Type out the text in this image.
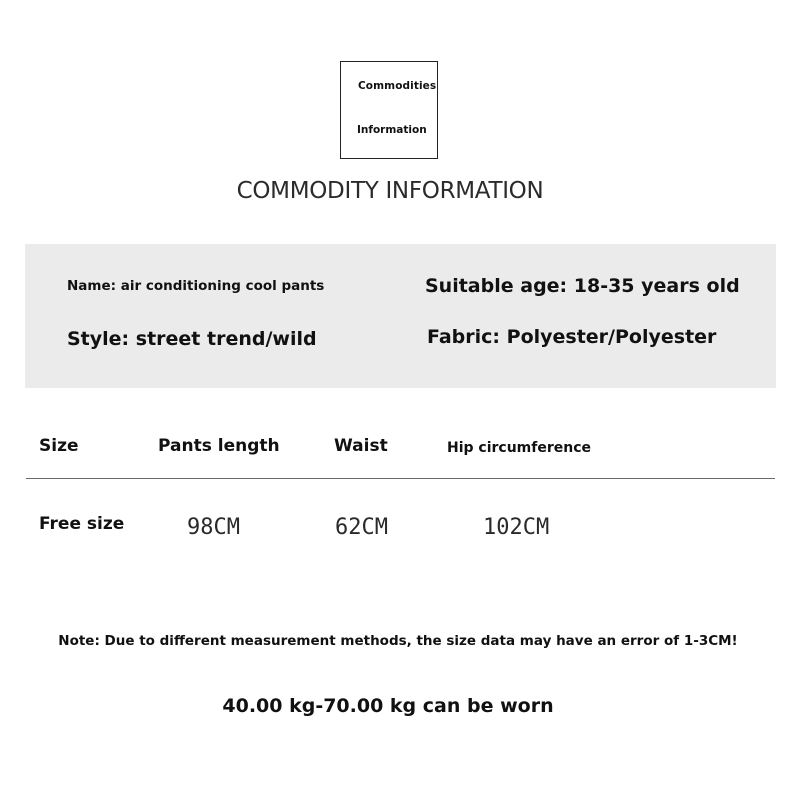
Commodities
Information
COMMODITY INFORMATION
Name: air conditioning cool pants	Suitable age: 18-35 years old
Style: street trend/wild	Fabric: Polyester/Polyester
Size	Pants length	Waist	Hip circumference
Free size	98CM	62CM	102CM
Note: Due to different measurement methods, the size data may have an error of 1-3CM!
40.00 kg-70.00 kg can be worn
